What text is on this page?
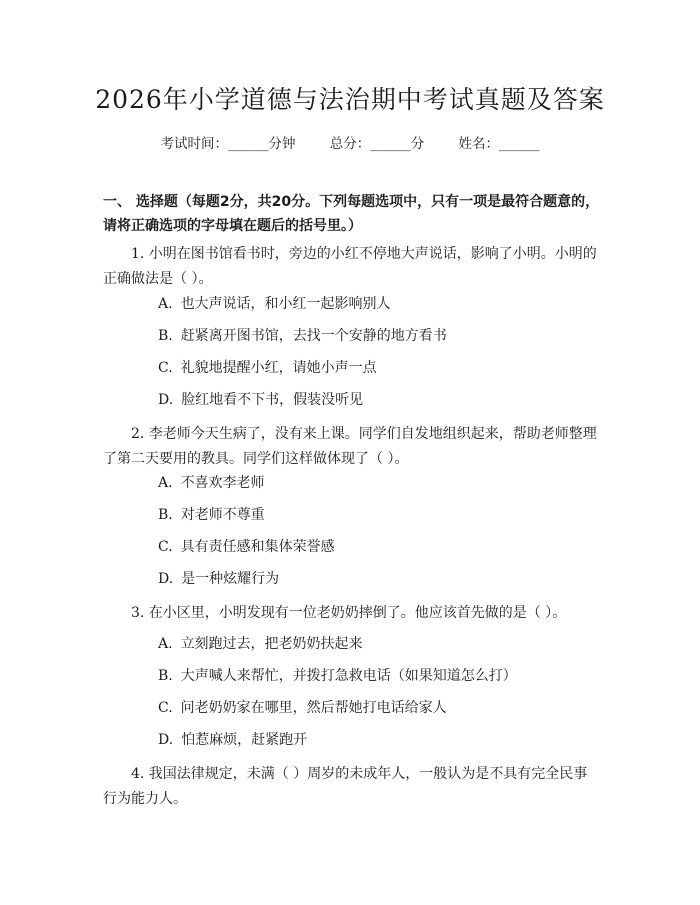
2026年小学道德与法治期中考试真题及答案
考试时间：______分钟	总分：______分	姓名：______
一、 选择题（每题2分，共20分。下列每题选项中，只有一项是最符合题意的，请将正确选项的字母填在题后的括号里。）
1. 小明在图书馆看书时，旁边的小红不停地大声说话，影响了小明。小明的正确做法是（ ）。
A. 也大声说话，和小红一起影响别人
B. 赶紧离开图书馆，去找一个安静的地方看书
C. 礼貌地提醒小红，请她小声一点
D. 脸红地看不下书，假装没听见
2. 李老师今天生病了，没有来上课。同学们自发地组织起来，帮助老师整理了第二天要用的教具。同学们这样做体现了（ ）。
A. 不喜欢李老师
B. 对老师不尊重
C. 具有责任感和集体荣誉感
D. 是一种炫耀行为
3. 在小区里，小明发现有一位老奶奶摔倒了。他应该首先做的是（ ）。
A. 立刻跑过去，把老奶奶扶起来
B. 大声喊人来帮忙，并拨打急救电话（如果知道怎么打）
C. 问老奶奶家在哪里，然后帮她打电话给家人
D. 怕惹麻烦，赶紧跑开
4. 我国法律规定，未满（ ）周岁的未成年人，一般认为是不具有完全民事行为能力人。
